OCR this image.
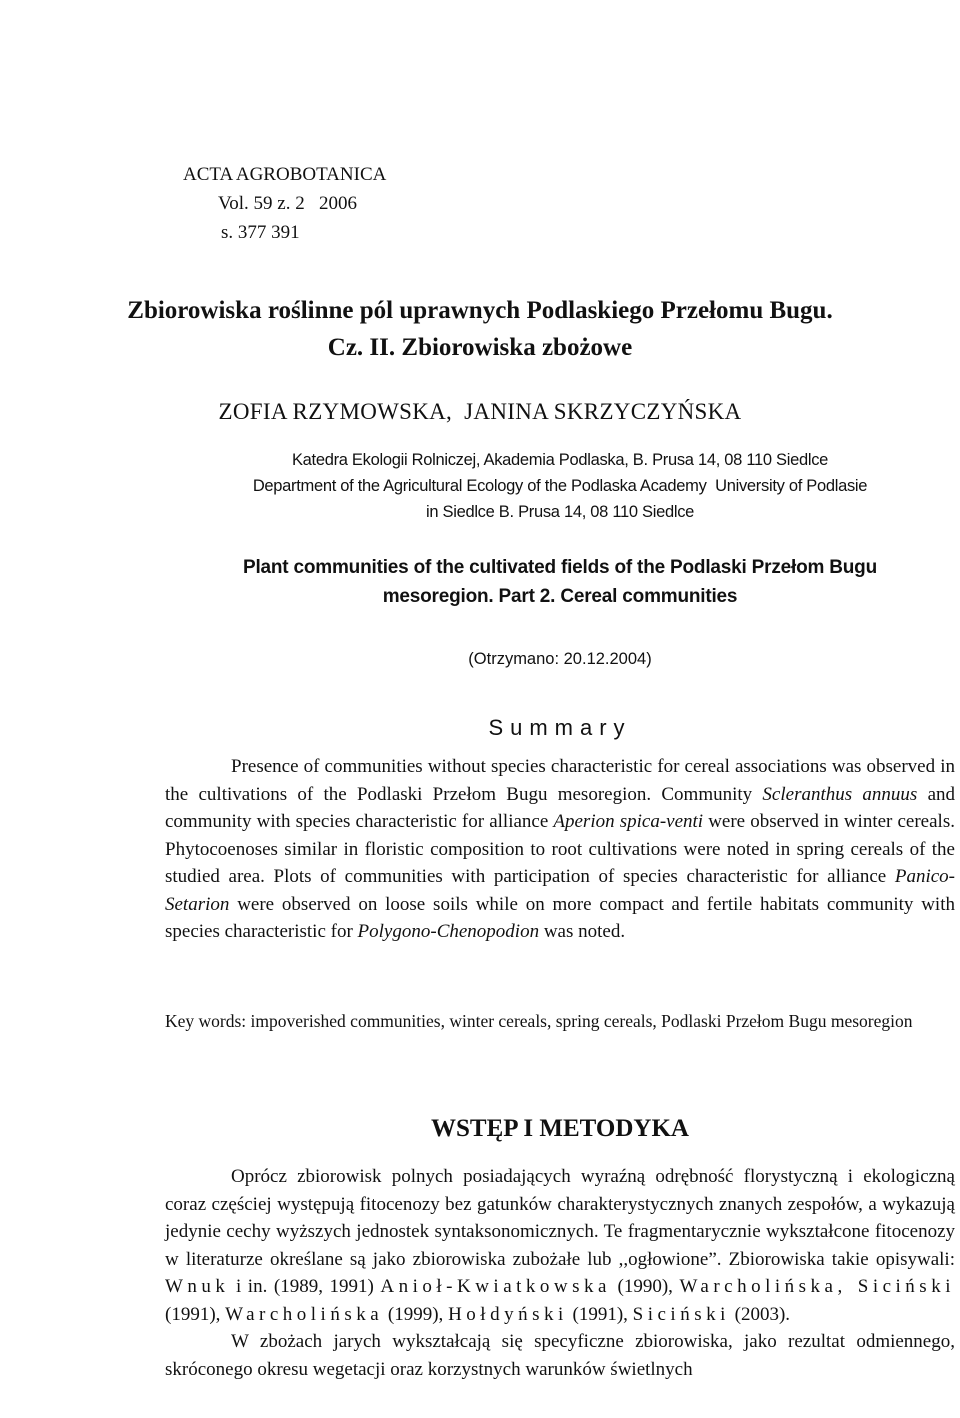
ACTA AGROBOTANICA
Vol. 59 z. 2   2006
s. 377 391
Zbiorowiska roślinne pól uprawnych Podlaskiego Przełomu Bugu.
Cz. II. Zbiorowiska zbożowe
ZOFIA RZYMOWSKA,  JANINA SKRZYCZYŃSKA
Katedra Ekologii Rolniczej, Akademia Podlaska, B. Prusa 14, 08 110 Siedlce
Department of the Agricultural Ecology of the Podlaska Academy  University of Podlasie
in Siedlce B. Prusa 14, 08 110 Siedlce
Plant communities of the cultivated fields of the Podlaski Przełom Bugu
mesoregion. Part 2. Cereal communities
(Otrzymano: 20.12.2004)
Summary

Presence of communities without species characteristic for cereal associations was observed in the cultivations of the Podlaski Przełom Bugu mesoregion. Community Scleranthus annuus and community with species characteristic for alliance Aperion spica-venti were observed in winter cereals. Phytocoenoses similar in floristic composition to root cultivations were noted in spring cereals of the studied area. Plots of communities with participation of species characteristic for alliance Panico-Setarion were observed on loose soils while on more compact and fertile habitats community with species characteristic for Polygono-Chenopodion was noted.

Key words: impoverished communities, winter cereals, spring cereals, Podlaski Przełom Bugu mesoregion
WSTĘP I METODYKA

Oprócz zbiorowisk polnych posiadających wyraźną odrębność florystyczną i ekologiczną coraz częściej występują fitocenozy bez gatunków charakterystycznych znanych zespołów, a wykazują jedynie cechy wyższych jednostek syntaksonomicznych. Te fragmentarycznie wykształcone fitocenozy w literaturze określane są jako zbiorowiska zubożałe lub ,,ogłowione”. Zbiorowiska takie opisywali: Wnuk i in. (1989, 1991) Anioł-Kwiatkowska (1990), Warcholińska, Siciński (1991), Warcholińska (1999), Hołdyński (1991), Siciński (2003).

W zbożach jarych wykształcają się specyficzne zbiorowiska, jako rezultat odmiennego, skróconego okresu wegetacji oraz korzystnych warunków świetlnych
